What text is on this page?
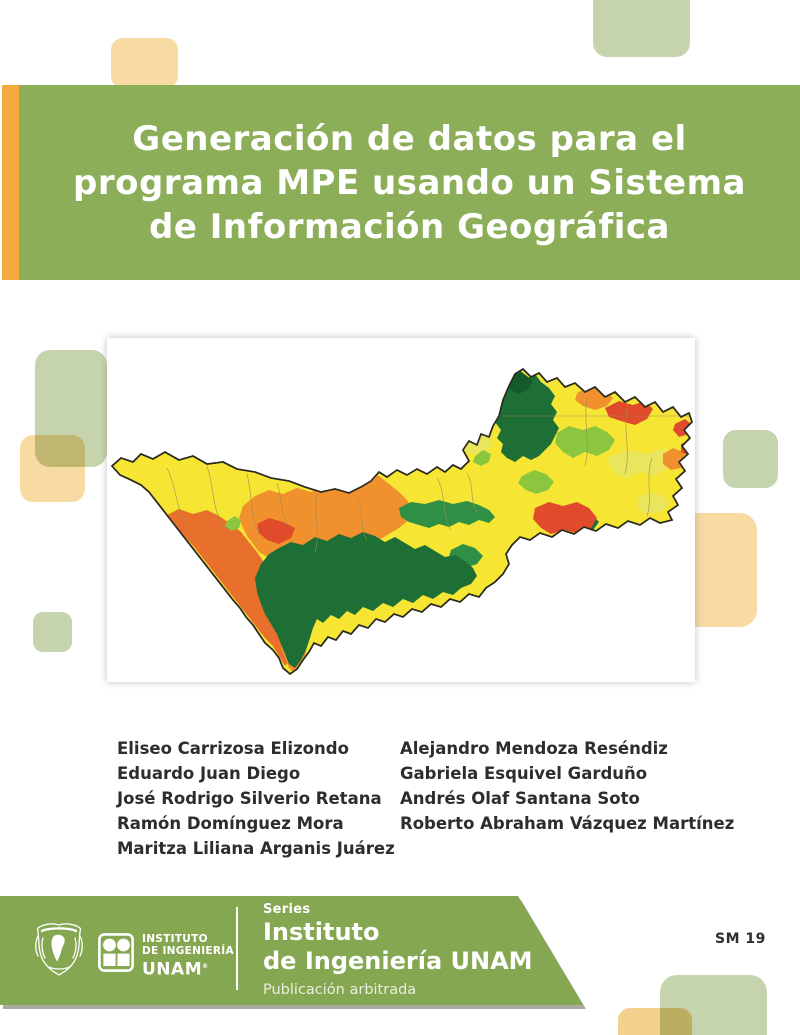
Generación de datos para el
programa MPE usando un Sistema
de Información Geográfica
Eliseo Carrizosa Elizondo
Eduardo Juan Diego
José Rodrigo Silverio Retana
Ramón Domínguez Mora
Maritza Liliana Arganis Juárez
Alejandro Mendoza Reséndiz
Gabriela Esquivel Garduño
Andrés Olaf Santana Soto
Roberto Abraham Vázquez Martínez
INSTITUTO
DE INGENIERÍA
UNAM®
Series
Instituto
de Ingeniería UNAM
Publicación arbitrada
SM 19
